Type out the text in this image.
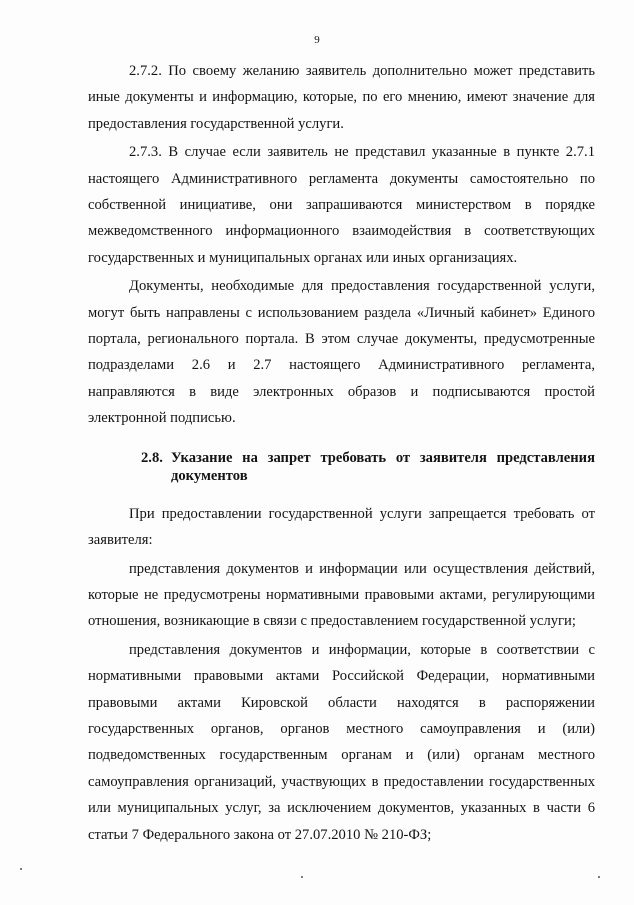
9

2.7.2. По своему желанию заявитель дополнительно может представить иные документы и информацию, которые, по его мнению, имеют значение для предоставления государственной услуги.

2.7.3. В случае если заявитель не представил указанные в пункте 2.7.1 настоящего Административного регламента документы самостоятельно по собственной инициативе, они запрашиваются министерством в порядке межведомственного информационного взаимодействия в соответствующих государственных и муниципальных органах или иных организациях.

Документы, необходимые для предоставления государственной услуги, могут быть направлены с использованием раздела «Личный кабинет» Единого портала, регионального портала. В этом случае документы, предусмотренные подразделами 2.6 и 2.7 настоящего Административного регламента, направляются в виде электронных образов и подписываются простой электронной подписью.

2.8. Указание на запрет требовать от заявителя представления документов

При предоставлении государственной услуги запрещается требовать от заявителя:

представления документов и информации или осуществления действий, которые не предусмотрены нормативными правовыми актами, регулирующими отношения, возникающие в связи с предоставлением государственной услуги;

представления документов и информации, которые в соответствии с нормативными правовыми актами Российской Федерации, нормативными правовыми актами Кировской области находятся в распоряжении государственных органов, органов местного самоуправления и (или) подведомственных государственным органам и (или) органам местного самоуправления организаций, участвующих в предоставлении государственных или муниципальных услуг, за исключением документов, указанных в части 6 статьи 7 Федерального закона от 27.07.2010 № 210-ФЗ;
